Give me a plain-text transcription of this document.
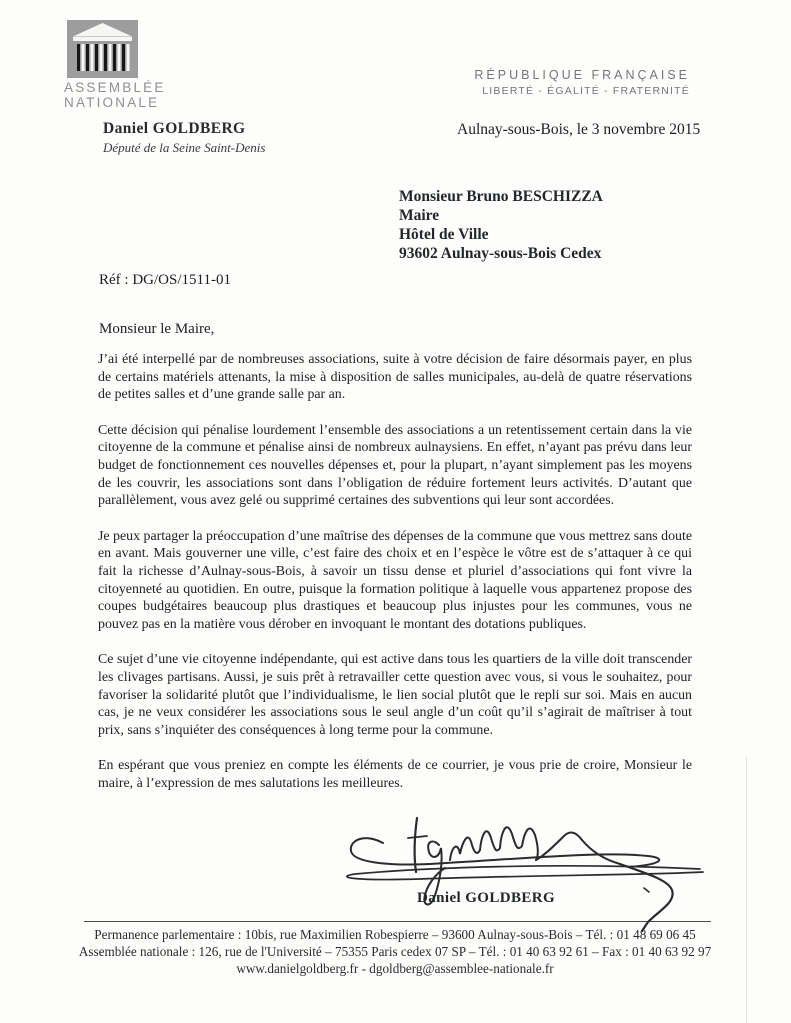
ASSEMBLÉE
NATIONALE
Daniel GOLDBERG
Député de la Seine Saint-Denis
RÉPUBLIQUE FRANÇAISE
LIBERTÉ - ÉGALITÉ - FRATERNITÉ
Aulnay-sous-Bois, le 3 novembre 2015
Monsieur Bruno BESCHIZZA
Maire
Hôtel de Ville
93602 Aulnay-sous-Bois Cedex
Réf : DG/OS/1511-01
Monsieur le Maire,

J’ai été interpellé par de nombreuses associations, suite à votre décision de faire désormais payer, en plus de certains matériels attenants, la mise à disposition de salles municipales, au-delà de quatre réservations de petites salles et d’une grande salle par an.

Cette décision qui pénalise lourdement l’ensemble des associations a un retentissement certain dans la vie citoyenne de la commune et pénalise ainsi de nombreux aulnaysiens. En effet, n’ayant pas prévu dans leur budget de fonctionnement ces nouvelles dépenses et, pour la plupart, n’ayant simplement pas les moyens de les couvrir, les associations sont dans l’obligation de réduire fortement leurs activités. D’autant que parallèlement, vous avez gelé ou supprimé certaines des subventions qui leur sont accordées.

Je peux partager la préoccupation d’une maîtrise des dépenses de la commune que vous mettrez sans doute en avant. Mais gouverner une ville, c’est faire des choix et en l’espèce le vôtre est de s’attaquer à ce qui fait la richesse d’Aulnay-sous-Bois, à savoir un tissu dense et pluriel d’associations qui font vivre la citoyenneté au quotidien. En outre, puisque la formation politique à laquelle vous appartenez propose des coupes budgétaires beaucoup plus drastiques et beaucoup plus injustes pour les communes, vous ne pouvez pas en la matière vous dérober en invoquant le montant des dotations publiques.

Ce sujet d’une vie citoyenne indépendante, qui est active dans tous les quartiers de la ville doit transcender les clivages partisans. Aussi, je suis prêt à retravailler cette question avec vous, si vous le souhaitez, pour favoriser la solidarité plutôt que l’individualisme, le lien social plutôt que le repli sur soi. Mais en aucun cas, je ne veux considérer les associations sous le seul angle d’un coût qu’il s’agirait de maîtriser à tout prix, sans s’inquiéter des conséquences à long terme pour la commune.

En espérant que vous preniez en compte les éléments de ce courrier, je vous prie de croire, Monsieur le maire, à l’expression de mes salutations les meilleures.

Daniel GOLDBERG
Permanence parlementaire : 10bis, rue Maximilien Robespierre – 93600 Aulnay-sous-Bois – Tél. : 01 48 69 06 45
Assemblée nationale : 126, rue de l'Université – 75355 Paris cedex 07 SP – Tél. : 01 40 63 92 61 – Fax : 01 40 63 92 97
www.danielgoldberg.fr - dgoldberg@assemblee-nationale.fr
